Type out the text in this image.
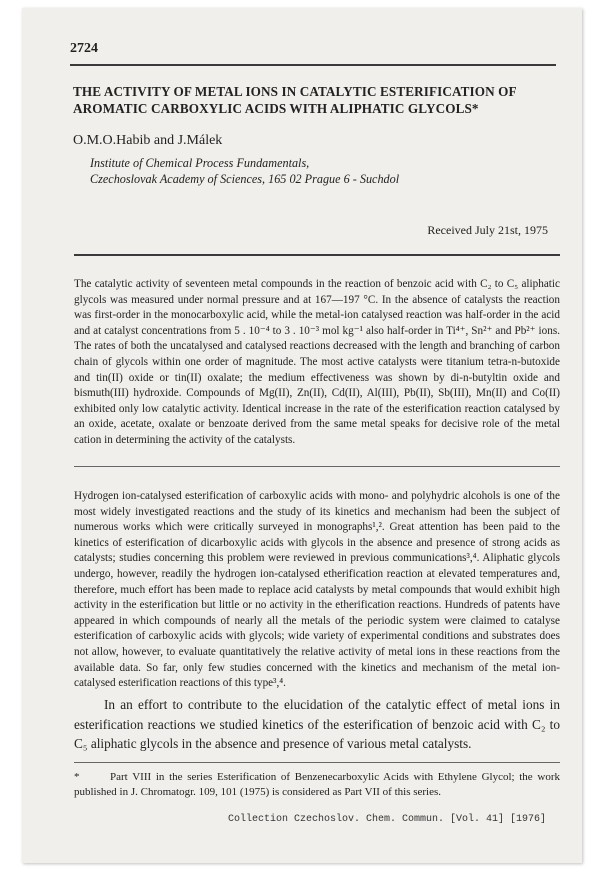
2724
THE ACTIVITY OF METAL IONS IN CATALYTIC ESTERIFICATION OF AROMATIC CARBOXYLIC ACIDS WITH ALIPHATIC GLYCOLS*
O.M.O.Habib and J.Málek
Institute of Chemical Process Fundamentals,
Czechoslovak Academy of Sciences, 165 02 Prague 6 - Suchdol
Received July 21st, 1975

The catalytic activity of seventeen metal compounds in the reaction of benzoic acid with C₂ to C₅ aliphatic glycols was measured under normal pressure and at 167—197 °C. In the absence of catalysts the reaction was first-order in the monocarboxylic acid, while the metal-ion catalysed reaction was half-order in the acid and at catalyst concentrations from 5 . 10⁻⁴ to 3 . 10⁻³ mol kg⁻¹ also half-order in Ti⁴⁺, Sn²⁺ and Pb²⁺ ions. The rates of both the uncatalysed and catalysed reactions decreased with the length and branching of carbon chain of glycols within one order of magnitude. The most active catalysts were titanium tetra-n-butoxide and tin(II) oxide or tin(II) oxalate; the medium effectiveness was shown by di-n-butyltin oxide and bismuth(III) hydroxide. Compounds of Mg(II), Zn(II), Cd(II), Al(III), Pb(II), Sb(III), Mn(II) and Co(II) exhibited only low catalytic activity. Identical increase in the rate of the esterification reaction catalysed by an oxide, acetate, oxalate or benzoate derived from the same metal speaks for decisive role of the metal cation in determining the activity of the catalysts.

Hydrogen ion-catalysed esterification of carboxylic acids with mono- and polyhydric alcohols is one of the most widely investigated reactions and the study of its kinetics and mechanism had been the subject of numerous works which were critically surveyed in monographs¹,². Great attention has been paid to the kinetics of esterification of dicarboxylic acids with glycols in the absence and presence of strong acids as catalysts; studies concerning this problem were reviewed in previous communications³,⁴. Aliphatic glycols undergo, however, readily the hydrogen ion-catalysed etherification reaction at elevated temperatures and, therefore, much effort has been made to replace acid catalysts by metal compounds that would exhibit high activity in the esterification but little or no activity in the etherification reactions. Hundreds of patents have appeared in which compounds of nearly all the metals of the periodic system were claimed to catalyse esterification of carboxylic acids with glycols; wide variety of experimental conditions and substrates does not allow, however, to evaluate quantitatively the relative activity of metal ions in these reactions from the available data. So far, only few studies concerned with the kinetics and mechanism of the metal ion-catalysed esterification reactions of this type³,⁴.

In an effort to contribute to the elucidation of the catalytic effect of metal ions in esterification reactions we studied kinetics of the esterification of benzoic acid with C₂ to C₅ aliphatic glycols in the absence and presence of various metal catalysts.

*	Part VIII in the series Esterification of Benzenecarboxylic Acids with Ethylene Glycol; the work published in J. Chromatogr. 109, 101 (1975) is considered as Part VII of this series.

Collection Czechoslov. Chem. Commun. [Vol. 41] [1976]
